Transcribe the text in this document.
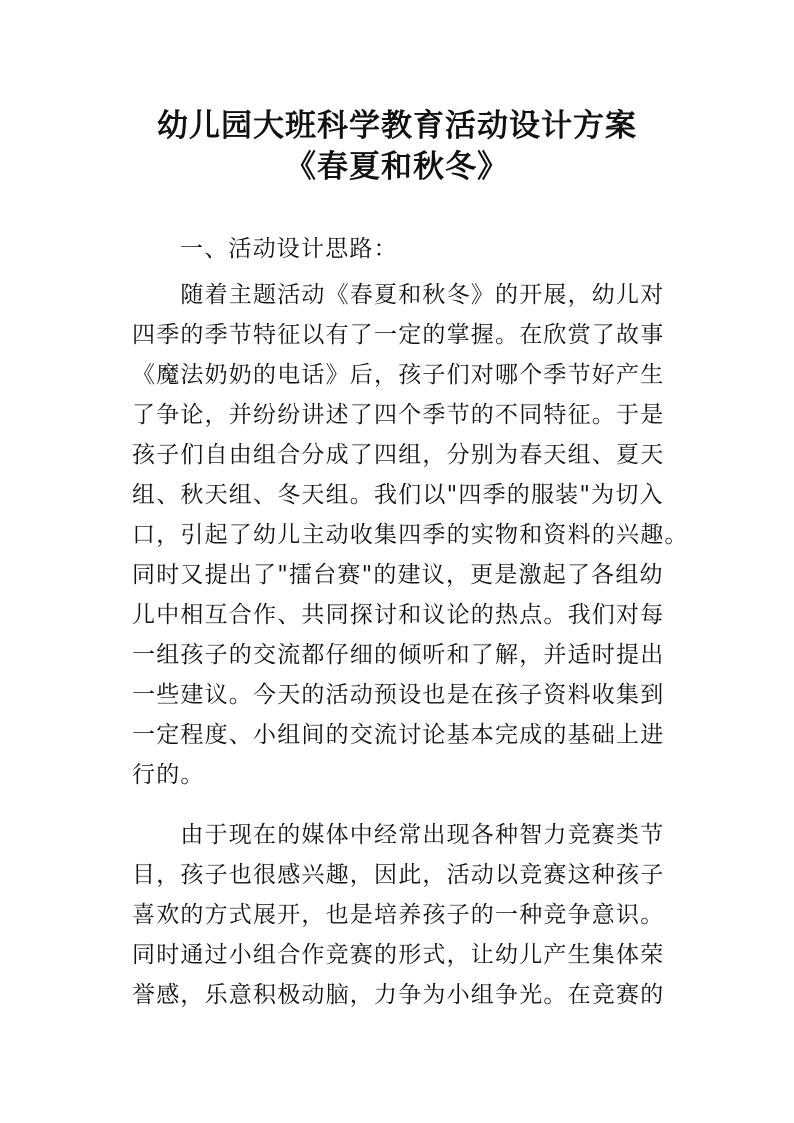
幼儿园大班科学教育活动设计方案
《春夏和秋冬》
一、活动设计思路：
　　随着主题活动《春夏和秋冬》的开展，幼儿对
四季的季节特征以有了一定的掌握。在欣赏了故事
《魔法奶奶的电话》后，孩子们对哪个季节好产生
了争论，并纷纷讲述了四个季节的不同特征。于是
孩子们自由组合分成了四组，分别为春天组、夏天
组、秋天组、冬天组。我们以"四季的服装"为切入
口，引起了幼儿主动收集四季的实物和资料的兴趣。
同时又提出了"擂台赛"的建议，更是激起了各组幼
儿中相互合作、共同探讨和议论的热点。我们对每
一组孩子的交流都仔细的倾听和了解，并适时提出
一些建议。今天的活动预设也是在孩子资料收集到
一定程度、小组间的交流讨论基本完成的基础上进
行的。
　　由于现在的媒体中经常出现各种智力竞赛类节
目，孩子也很感兴趣，因此，活动以竞赛这种孩子
喜欢的方式展开，也是培养孩子的一种竞争意识。
同时通过小组合作竞赛的形式，让幼儿产生集体荣
誉感，乐意积极动脑，力争为小组争光。在竞赛的
